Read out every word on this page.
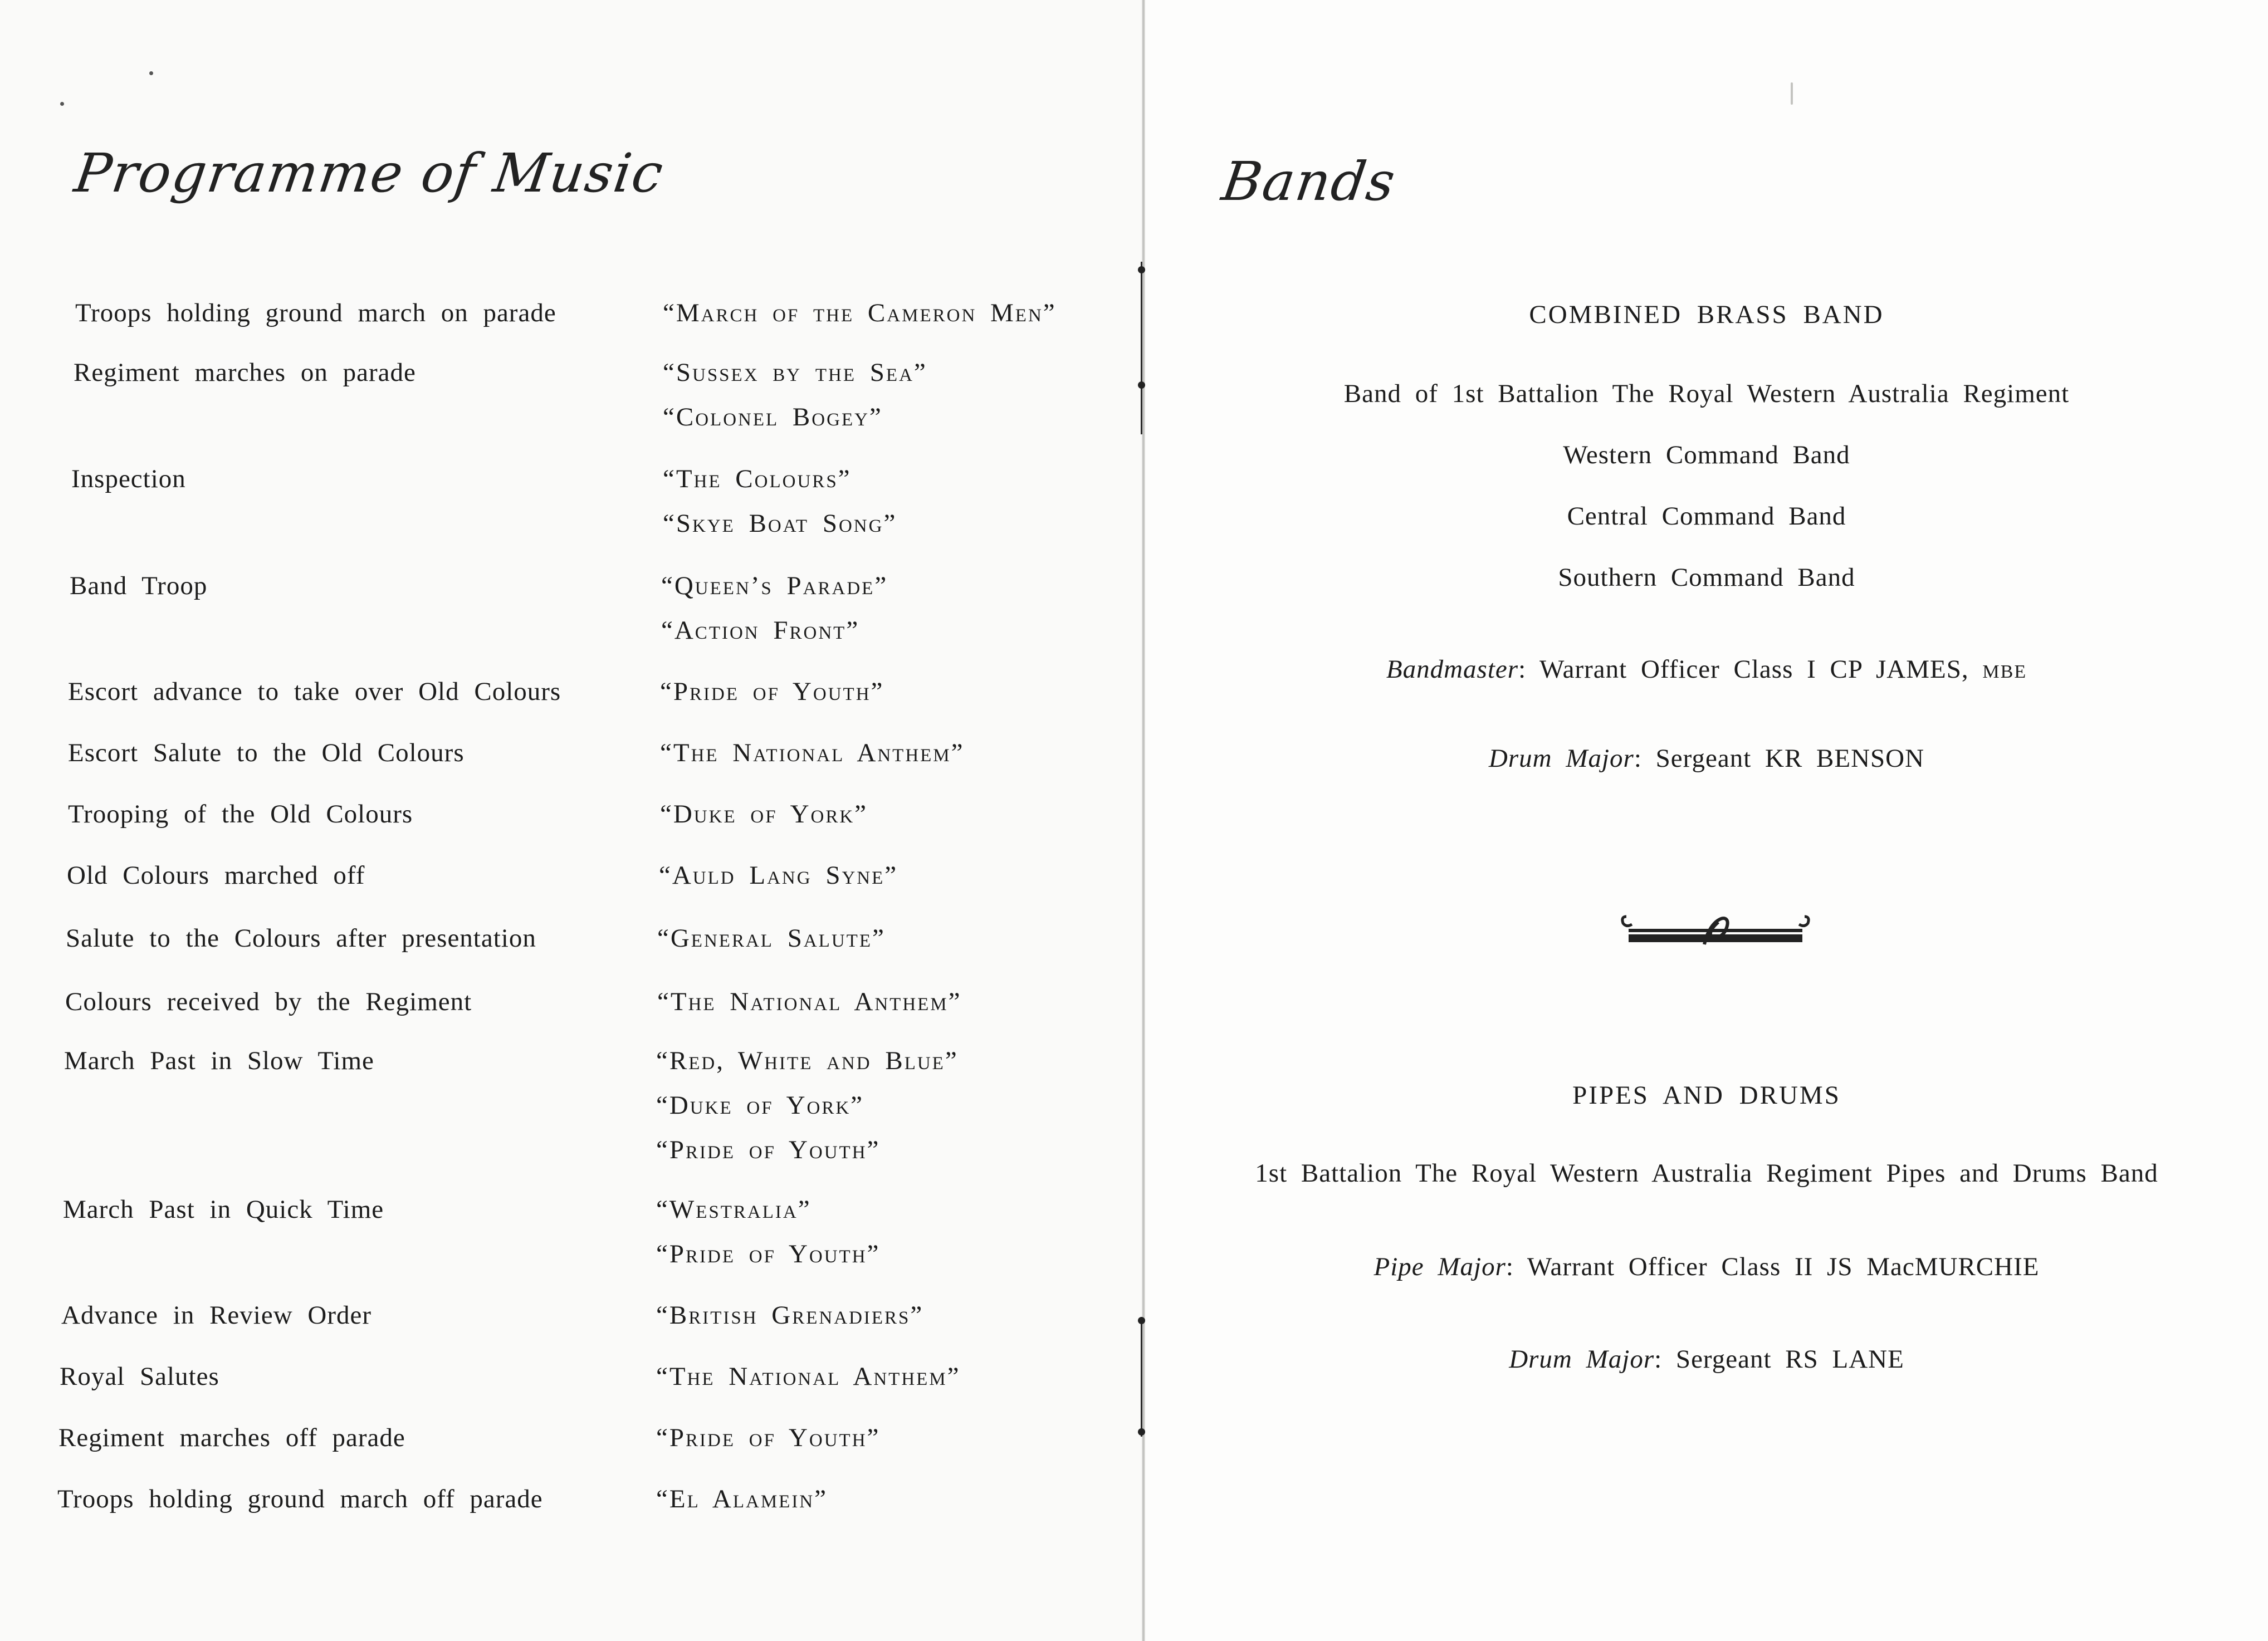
Programme of Music
Troops holding ground march on parade	“March of the Cameron Men”
Regiment marches on parade	“Sussex by the Sea”
“Colonel Bogey”
Inspection	“The Colours”
“Skye Boat Song”
Band Troop	“Queen’s Parade”
“Action Front”
Escort advance to take over Old Colours	“Pride of Youth”
Escort Salute to the Old Colours	“The National Anthem”
Trooping of the Old Colours	“Duke of York”
Old Colours marched off	“Auld Lang Syne”
Salute to the Colours after presentation	“General Salute”
Colours received by the Regiment	“The National Anthem”
March Past in Slow Time	“Red, White and Blue”
“Duke of York”
“Pride of Youth”
March Past in Quick Time	“Westralia”
“Pride of Youth”
Advance in Review Order	“British Grenadiers”
Royal Salutes	“The National Anthem”
Regiment marches off parade	“Pride of Youth”
Troops holding ground march off parade	“El Alamein”
Bands
COMBINED BRASS BAND
Band of 1st Battalion The Royal Western Australia Regiment
Western Command Band
Central Command Band
Southern Command Band
Bandmaster: Warrant Officer Class I CP JAMES, MBE
Drum Major: Sergeant KR BENSON
PIPES AND DRUMS
1st Battalion The Royal Western Australia Regiment Pipes and Drums Band
Pipe Major: Warrant Officer Class II JS MacMURCHIE
Drum Major: Sergeant RS LANE
